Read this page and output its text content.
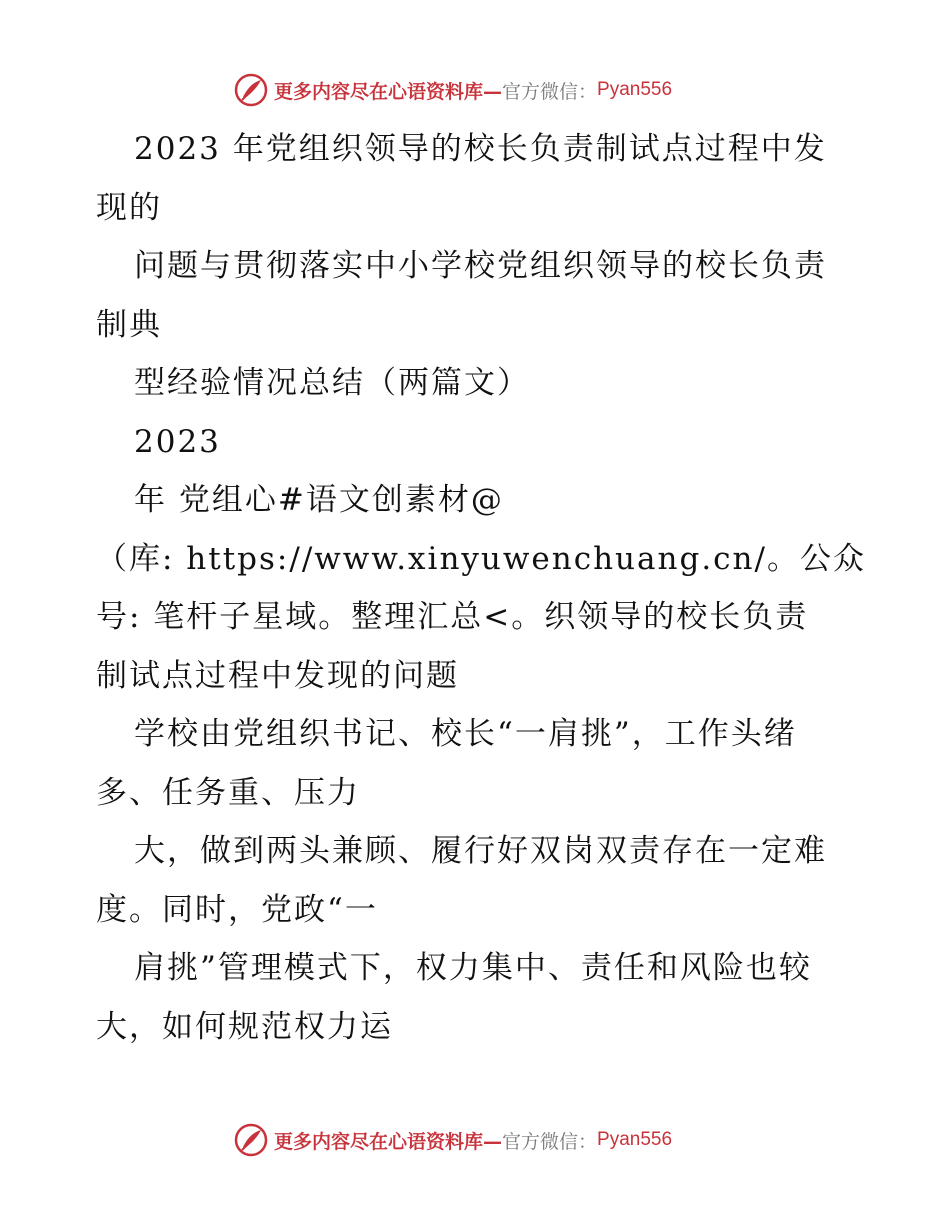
更多内容尽在心语资料库— 官方微信： Pyan556
2023 年党组织领导的校长负责制试点过程中发
现的
问题与贯彻落实中小学校党组织领导的校长负责
制典
型经验情况总结（两篇文）
2023
年 党组心#语文创素材@
（库: https://www.xinyuwenchuang.cn/。公众
号: 笔杆子星域。整理汇总<。织领导的校长负责
制试点过程中发现的问题
学校由党组织书记、校长“一肩挑”，工作头绪
多、任务重、压力
大，做到两头兼顾、履行好双岗双责存在一定难
度。同时，党政“一
肩挑”管理模式下，权力集中、责任和风险也较
大，如何规范权力运
更多内容尽在心语资料库— 官方微信： Pyan556
